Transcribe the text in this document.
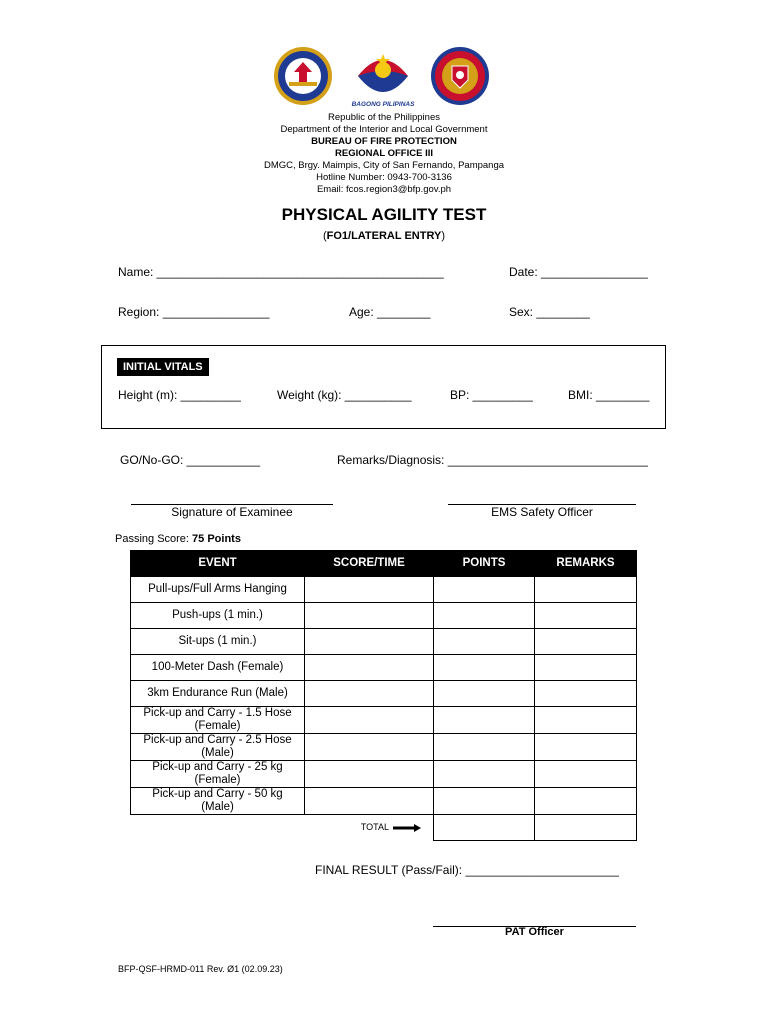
BAGONG PILIPINAS
Republic of the Philippines
Department of the Interior and Local Government
BUREAU OF FIRE PROTECTION
REGIONAL OFFICE III
DMGC, Brgy. Maimpis, City of San Fernando, Pampanga
Hotline Number: 0943-700-3136
Email: fcos.region3@bfp.gov.ph
PHYSICAL AGILITY TEST
(FO1/LATERAL ENTRY)
Name: ___________________________________________	Date: ________________
Region: ________________	Age: ________	Sex: ________
INITIAL VITALS
Height (m): _________	Weight (kg): __________	BP: _________	BMI: ________
GO/No-GO: ___________	Remarks/Diagnosis: ______________________________
Signature of Examinee	EMS Safety Officer
Passing Score: 75 Points
EVENT	SCORE/TIME	POINTS	REMARKS

Pull-ups/Full Arms Hanging			

Push-ups (1 min.)			

Sit-ups (1 min.)			

100-Meter Dash (Female)			

3km Endurance Run (Male)			

Pick-up and Carry - 1.5 Hose
(Female)			

Pick-up and Carry - 2.5 Hose
(Male)			

Pick-up and Carry - 25 kg
(Female)			

Pick-up and Carry - 50 kg
(Male)			

TOTAL			
FINAL RESULT (Pass/Fail): _______________________
PAT Officer
BFP-QSF-HRMD-011 Rev. Ø1 (02.09.23)
